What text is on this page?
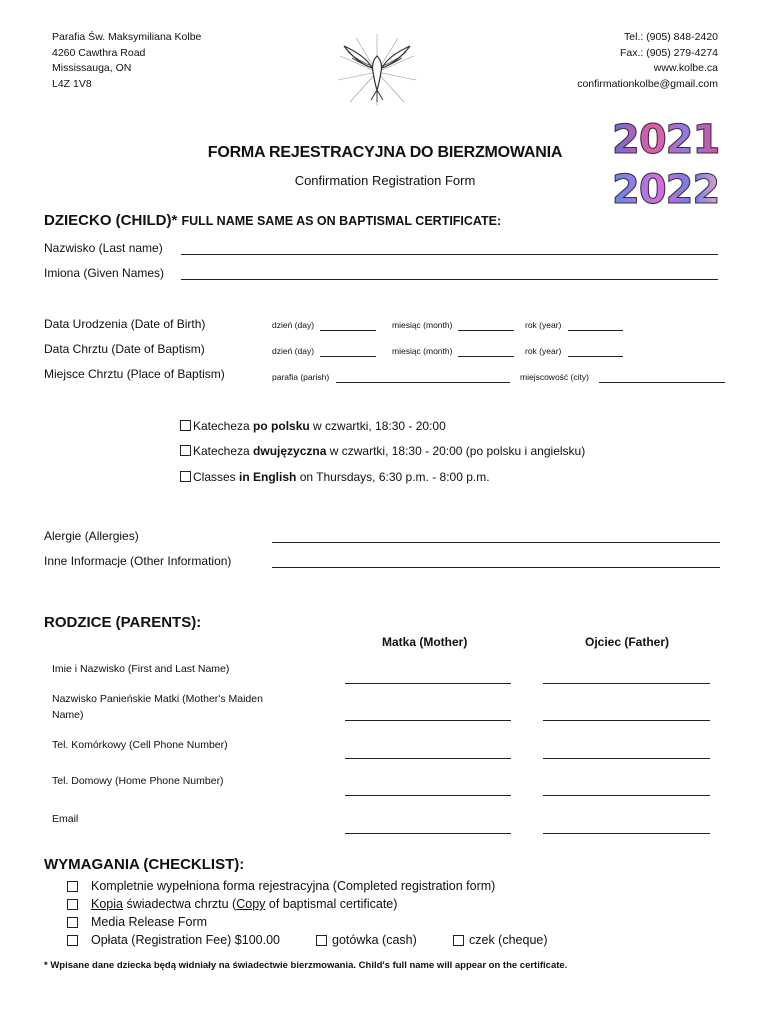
Parafia Św. Maksymiliana Kolbe
4260 Cawthra Road
Mississauga, ON
L4Z 1V8
Tel.: (905) 848-2420
Fax.: (905) 279-4274
www.kolbe.ca
confirmationkolbe@gmail.com
2021
2022
FORMA REJESTRACYJNA DO BIERZMOWANIA
Confirmation Registration Form
DZIECKO (CHILD)* FULL NAME SAME AS ON BAPTISMAL CERTIFICATE:
Nazwisko (Last name)
Imiona (Given Names)
Data Urodzenia (Date of Birth)	dzień (day)	miesiąc (month)	rok (year)
Data Chrztu (Date of Baptism)	dzień (day)	miesiąc (month)	rok (year)
Miejsce Chrztu (Place of Baptism)	parafia (parish)	miejscowość (city)
Katecheza po polsku w czwartki, 18:30 - 20:00
Katecheza dwujęzyczna w czwartki, 18:30 - 20:00 (po polsku i angielsku)
Classes in English on Thursdays, 6:30 p.m. - 8:00 p.m.
Alergie (Allergies)
Inne Informacje (Other Information)
RODZICE (PARENTS):
Matka (Mother)	Ojciec (Father)
Imie i Nazwisko (First and Last Name)
Nazwisko Panieńskie Matki (Mother's Maiden
Name)
Tel. Komórkowy (Cell Phone Number)
Tel. Domowy (Home Phone Number)
Email
WYMAGANIA (CHECKLIST):
Kompletnie wypełniona forma rejestracyjna (Completed registration form)
Kopia świadectwa chrztu (Copy of baptismal certificate)
Media Release Form
Opłata (Registration Fee) $100.00	gotówka (cash)	czek (cheque)
* Wpisane dane dziecka będą widniały na świadectwie bierzmowania. Child's full name will appear on the certificate.
